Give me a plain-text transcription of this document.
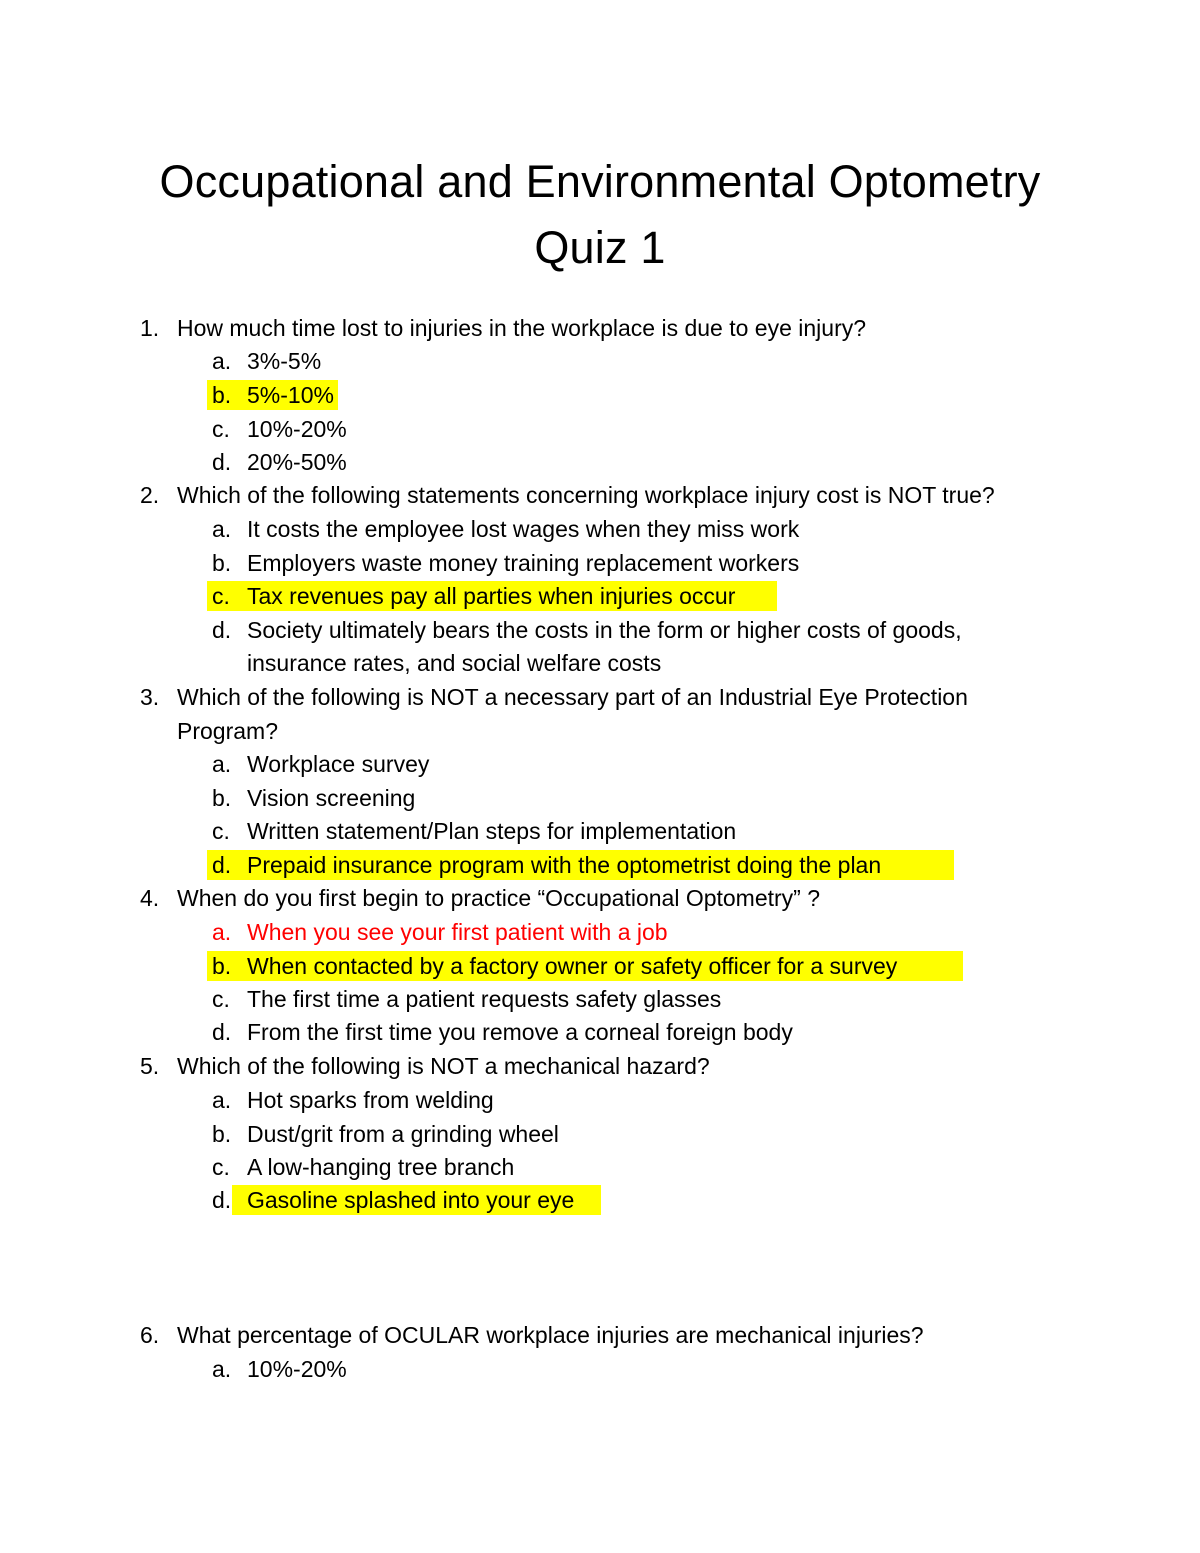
Occupational and Environmental Optometry
Quiz 1
1. How much time lost to injuries in the workplace is due to eye injury?
a. 3%-5%
b. 5%-10%
c. 10%-20%
d. 20%-50%
2. Which of the following statements concerning workplace injury cost is NOT true?
a. It costs the employee lost wages when they miss work
b. Employers waste money training replacement workers
c. Tax revenues pay all parties when injuries occur
d. Society ultimately bears the costs in the form or higher costs of goods,
insurance rates, and social welfare costs
3. Which of the following is NOT a necessary part of an Industrial Eye Protection
Program?
a. Workplace survey
b. Vision screening
c. Written statement/Plan steps for implementation
d. Prepaid insurance program with the optometrist doing the plan
4. When do you first begin to practice “Occupational Optometry” ?
a. When you see your first patient with a job
b. When contacted by a factory owner or safety officer for a survey
c. The first time a patient requests safety glasses
d. From the first time you remove a corneal foreign body
5. Which of the following is NOT a mechanical hazard?
a. Hot sparks from welding
b. Dust/grit from a grinding wheel
c. A low-hanging tree branch
d. Gasoline splashed into your eye
6. What percentage of OCULAR workplace injuries are mechanical injuries?
a. 10%-20%
